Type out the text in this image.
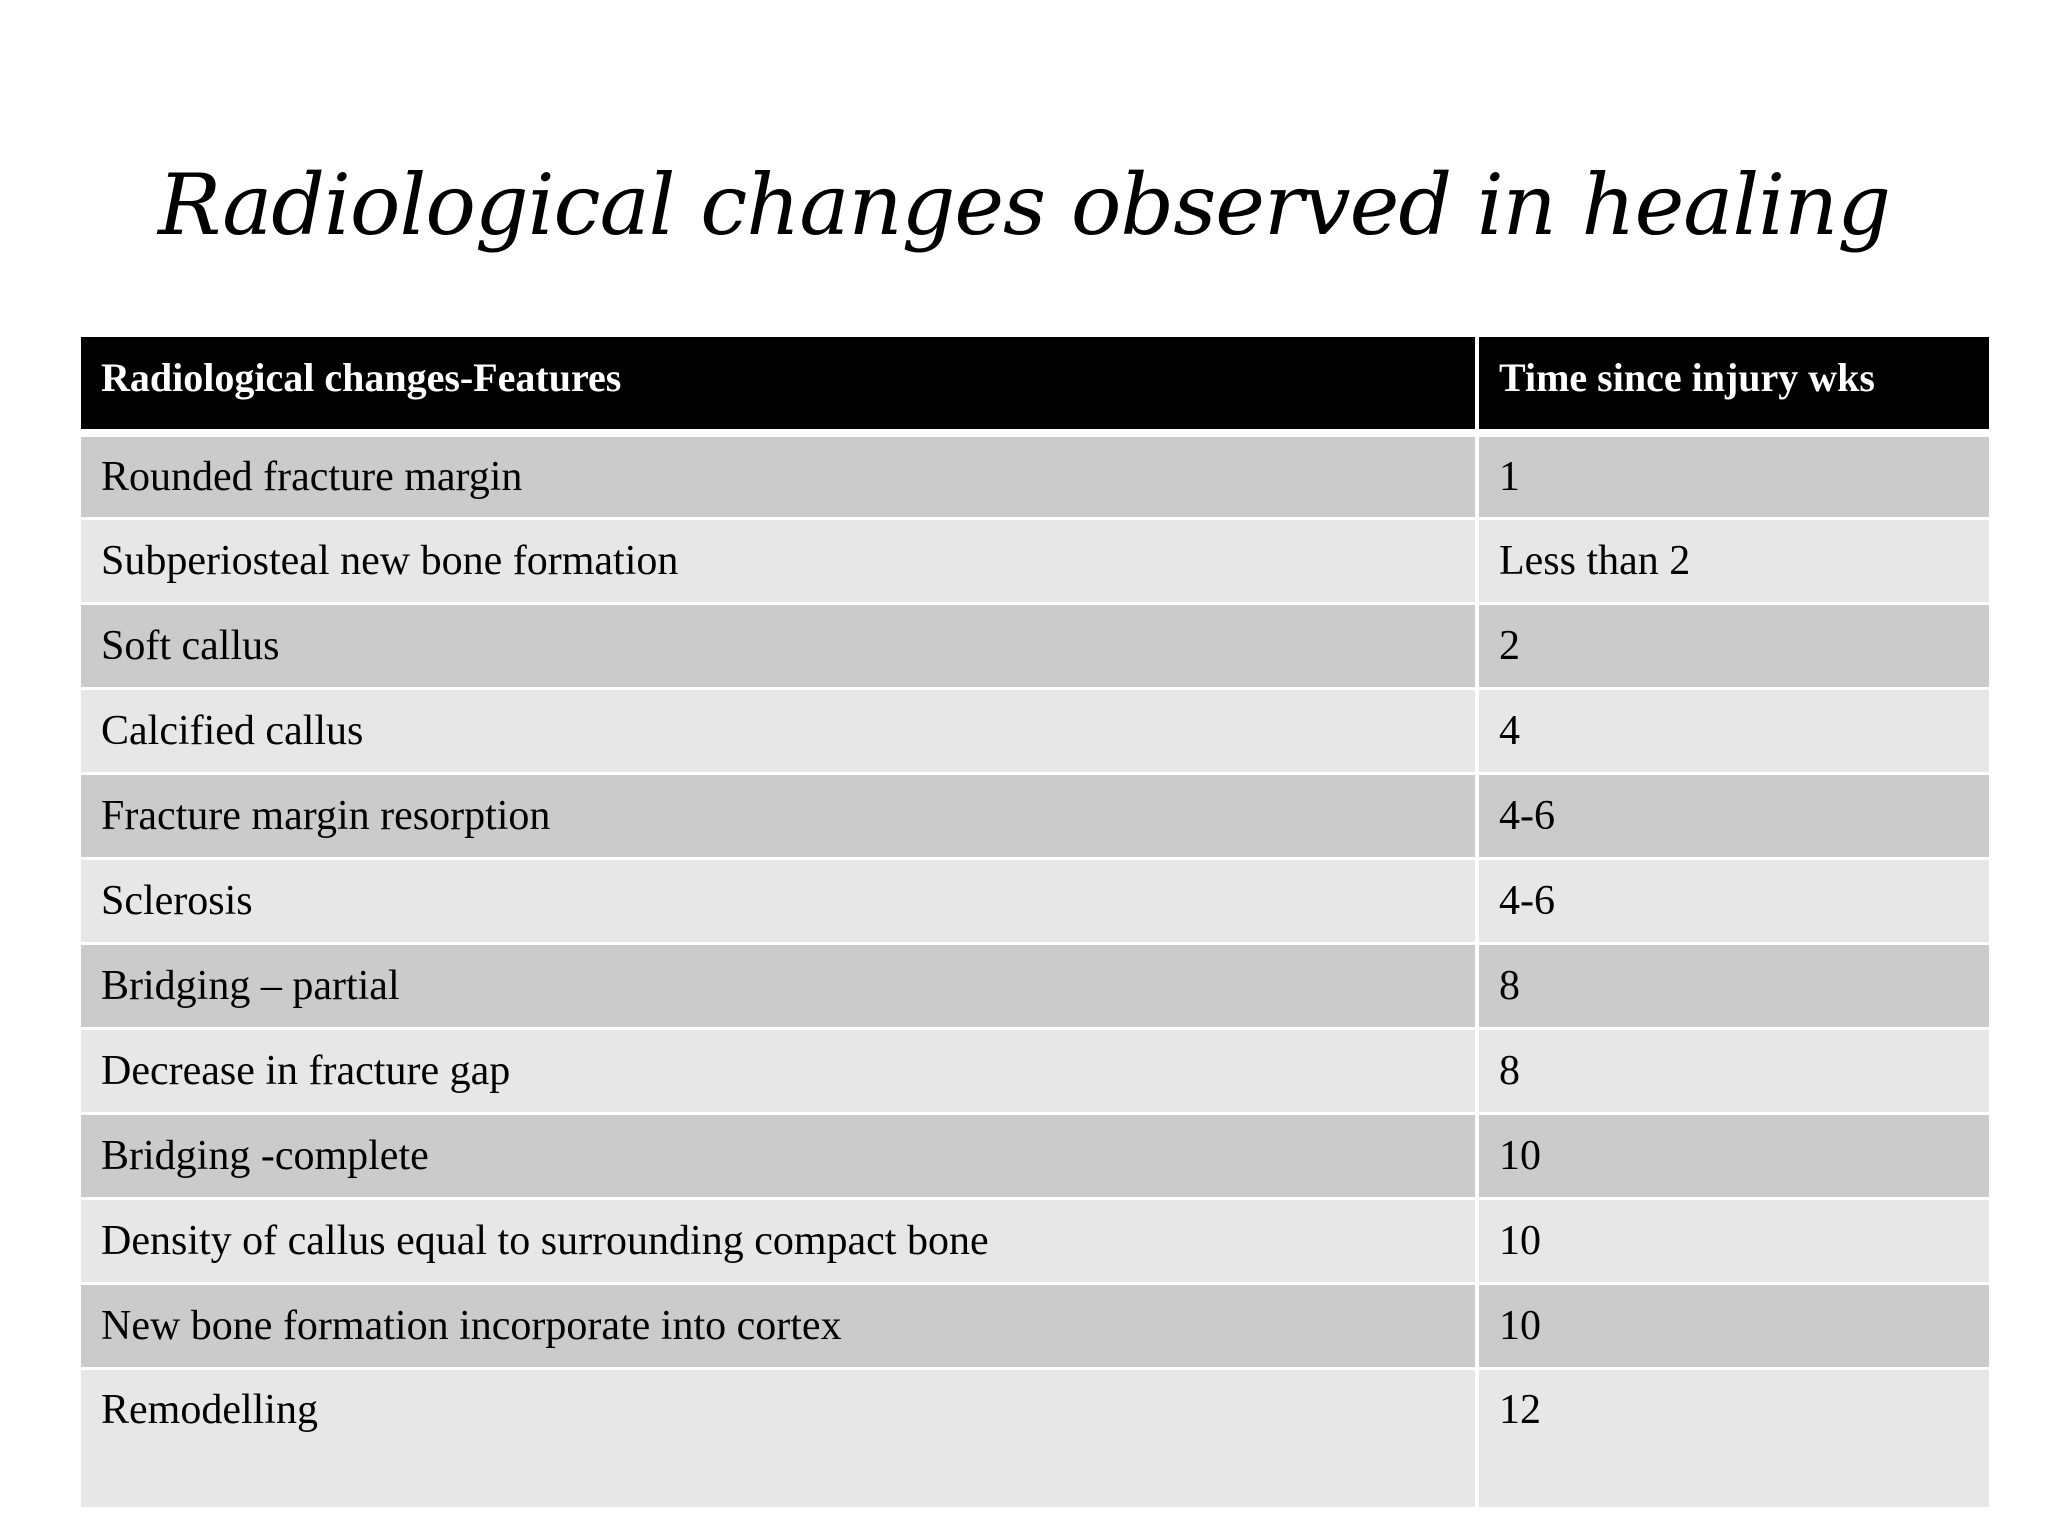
Radiological changes observed in healing
Radiological changes-Features	Time since injury wks
Rounded fracture margin	1
Subperiosteal new bone formation	Less than 2
Soft callus	2
Calcified callus	4
Fracture margin resorption	4-6
Sclerosis	4-6
Bridging – partial	8
Decrease in fracture gap	8
Bridging -complete	10
Density of callus equal to surrounding compact bone	10
New bone formation incorporate into cortex	10
Remodelling	12
